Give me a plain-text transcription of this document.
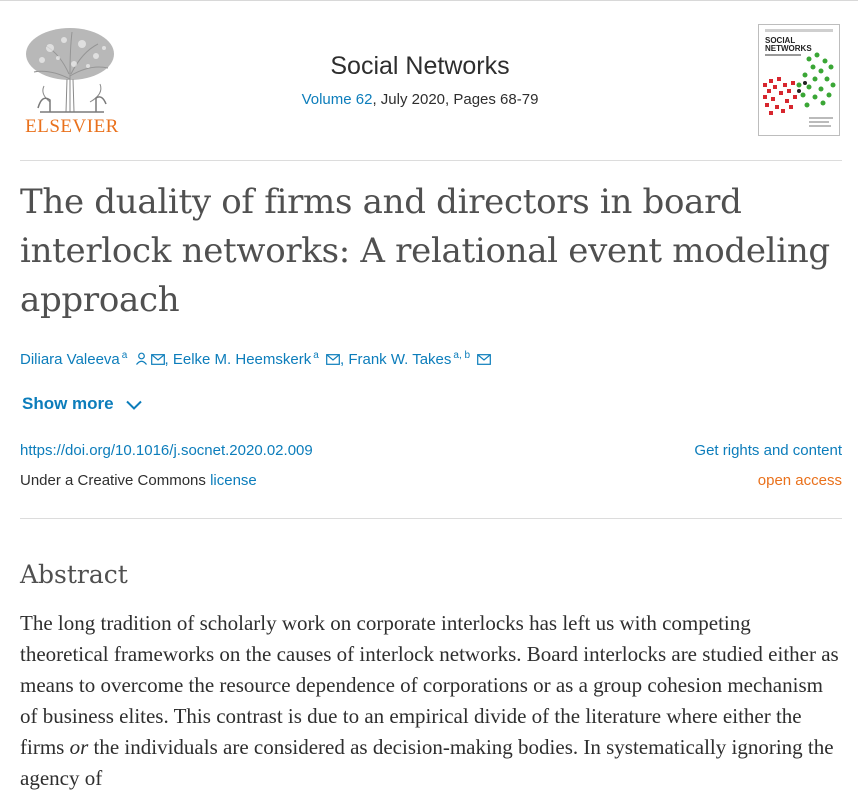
ELSEVIER
Social Networks
Volume 62, July 2020, Pages 68-79
SOCIAL
NETWORKS
The duality of firms and directors in board interlock networks: A relational event modeling approach
Diliara Valeeva $^a$ , Eelke M. Heemskerk $^a$ , Frank W. Takes $^{a, b}$
Show more
https://doi.org/10.1016/j.socnet.2020.02.009
Under a Creative Commons license
Get rights and content
open access
Abstract

The long tradition of scholarly work on corporate interlocks has left us with competing theoretical frameworks on the causes of interlock networks. Board interlocks are studied either as means to overcome the resource dependence of corporations or as a group cohesion mechanism of business elites. This contrast is due to an empirical divide of the literature where either the firms or the individuals are considered as decision-making bodies. In systematically ignoring the agency of
